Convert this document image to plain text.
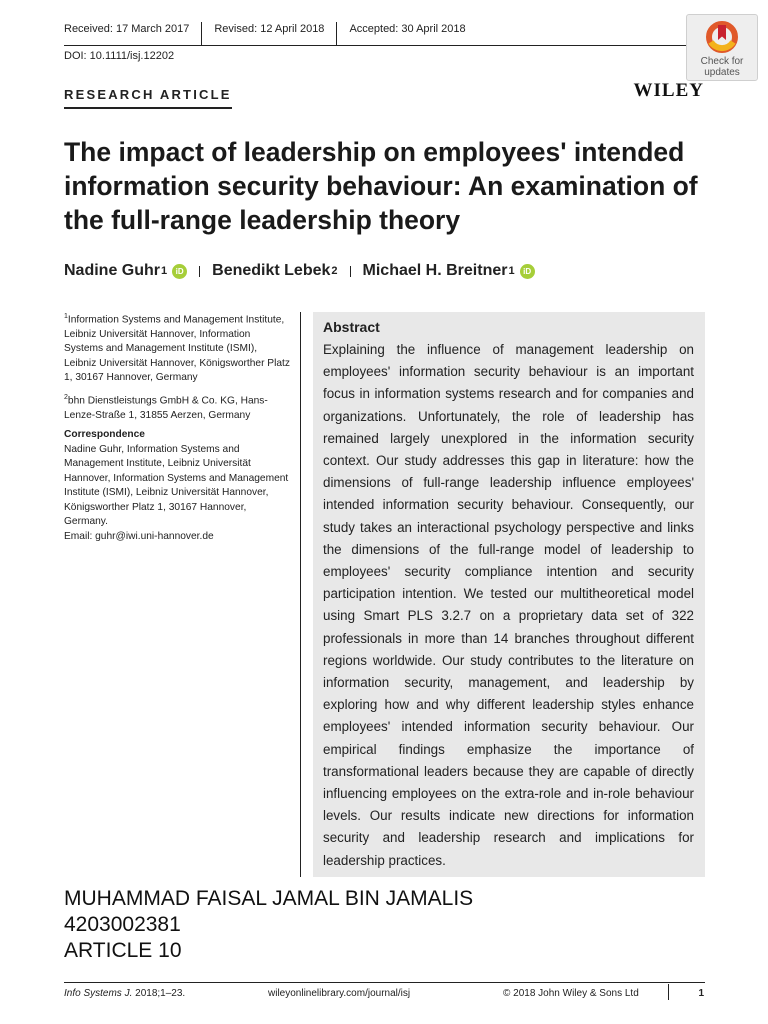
Received: 17 March 2017 Revised: 12 April 2018 Accepted: 30 April 2018
DOI: 10.1111/isj.12202	Check for
updates
WILEY
RESEARCH ARTICLE
The impact of leadership on employees' intended information security behaviour: An examination of the full-range leadership theory
Nadine Guhr 1	iD Benedikt Lebek 2 Michael H. Breitner 1	iD

$^1$Information Systems and Management Institute, Leibniz Universität Hannover, Information Systems and Management Institute (ISMI), Leibniz Universität Hannover, Königsworther Platz 1, 30167 Hannover, Germany

$^2$bhn Dienstleistungs GmbH & Co. KG, Hans-Lenze-Straße 1, 31855 Aerzen, Germany

Correspondence

Nadine Guhr, Information Systems and Management Institute, Leibniz Universität Hannover, Information Systems and Management Institute (ISMI), Leibniz Universität Hannover, Königsworther Platz 1, 30167 Hannover, Germany.

Email: guhr@iwi.uni-hannover.de

Abstract

Explaining the influence of management leadership on employees' information security behaviour is an important focus in information systems research and for companies and organizations. Unfortunately, the role of leadership has remained largely unexplored in the information security context. Our study addresses this gap in literature: how the dimensions of full-range leadership influence employees' intended information security behaviour. Consequently, our study takes an interactional psychology perspective and links the dimensions of the full-range model of leadership to employees' security compliance intention and security participation intention. We tested our multitheoretical model using Smart PLS 3.2.7 on a proprietary data set of 322 professionals in more than 14 branches throughout different regions worldwide. Our study contributes to the literature on information security, management, and leadership by exploring how and why different leadership styles enhance employees' intended information security behaviour. Our empirical findings emphasize the importance of transformational leaders because they are capable of directly influencing employees on the extra-role and in-role behaviour levels. Our results indicate new directions for information security and leadership research and implications for leadership practices.

MUHAMMAD FAISAL JAMAL BIN JAMALIS
4203002381
ARTICLE 10
Info Systems J. 2018;1–23.	wileyonlinelibrary.com/journal/isj	© 2018 John Wiley & Sons Ltd	1
